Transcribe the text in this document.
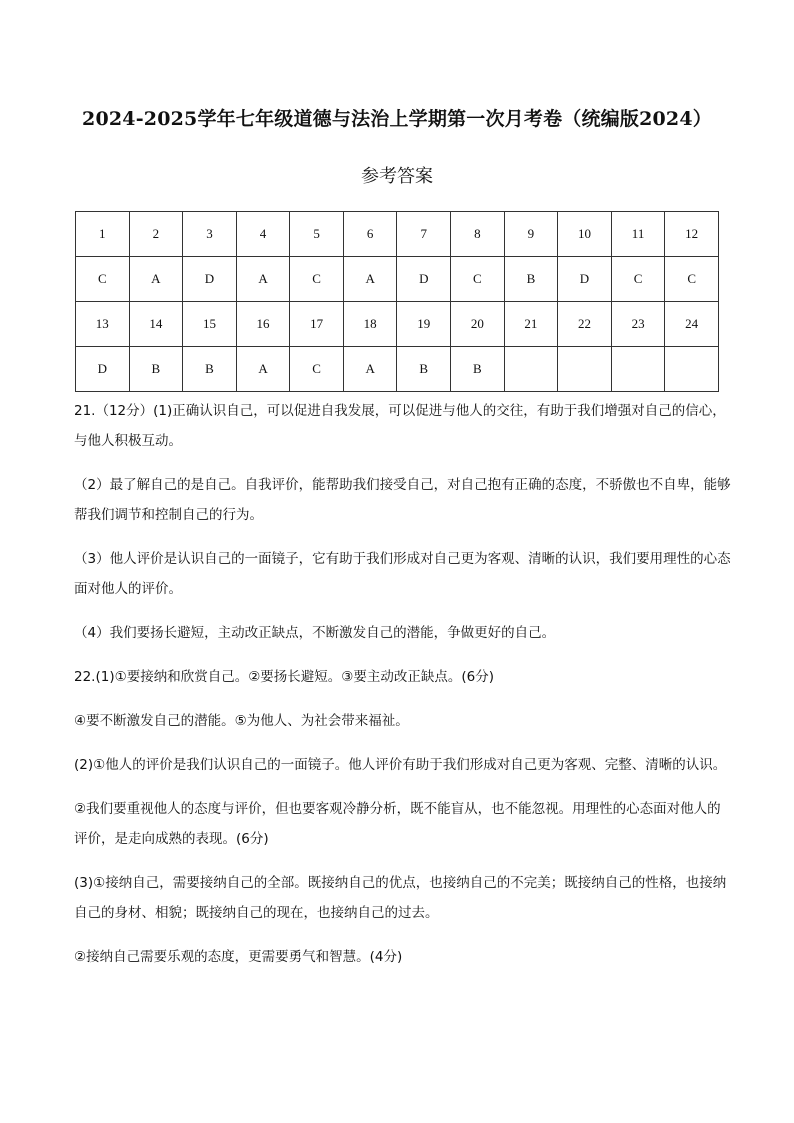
2024-2025学年七年级道德与法治上学期第一次月考卷（统编版2024）
参考答案
1	2	3	4	5	6	7	8	9	10	11	12
C	A	D	A	C	A	D	C	B	D	C	C
13	14	15	16	17	18	19	20	21	22	23	24
D	B	B	A	C	A	B	B				

21.（12分）(1)正确认识自己，可以促进自我发展，可以促进与他人的交往，有助于我们增强对自己的信心，与他人积极互动。

（2）最了解自己的是自己。自我评价，能帮助我们接受自己，对自己抱有正确的态度，不骄傲也不自卑，能够帮我们调节和控制自己的行为。

（3）他人评价是认识自己的一面镜子，它有助于我们形成对自己更为客观、清晰的认识，我们要用理性的心态面对他人的评价。

（4）我们要扬长避短，主动改正缺点，不断激发自己的潜能，争做更好的自己。

22.(1)①要接纳和欣赏自己。②要扬长避短。③要主动改正缺点。(6分)

④要不断激发自己的潜能。⑤为他人、为社会带来福祉。

(2)①他人的评价是我们认识自己的一面镜子。他人评价有助于我们形成对自己更为客观、完整、清晰的认识。

②我们要重视他人的态度与评价，但也要客观冷静分析，既不能盲从，也不能忽视。用理性的心态面对他人的评价，是走向成熟的表现。(6分)

(3)①接纳自己，需要接纳自己的全部。既接纳自己的优点，也接纳自己的不完美；既接纳自己的性格，也接纳自己的身材、相貌；既接纳自己的现在，也接纳自己的过去。

②接纳自己需要乐观的态度，更需要勇气和智慧。(4分)
